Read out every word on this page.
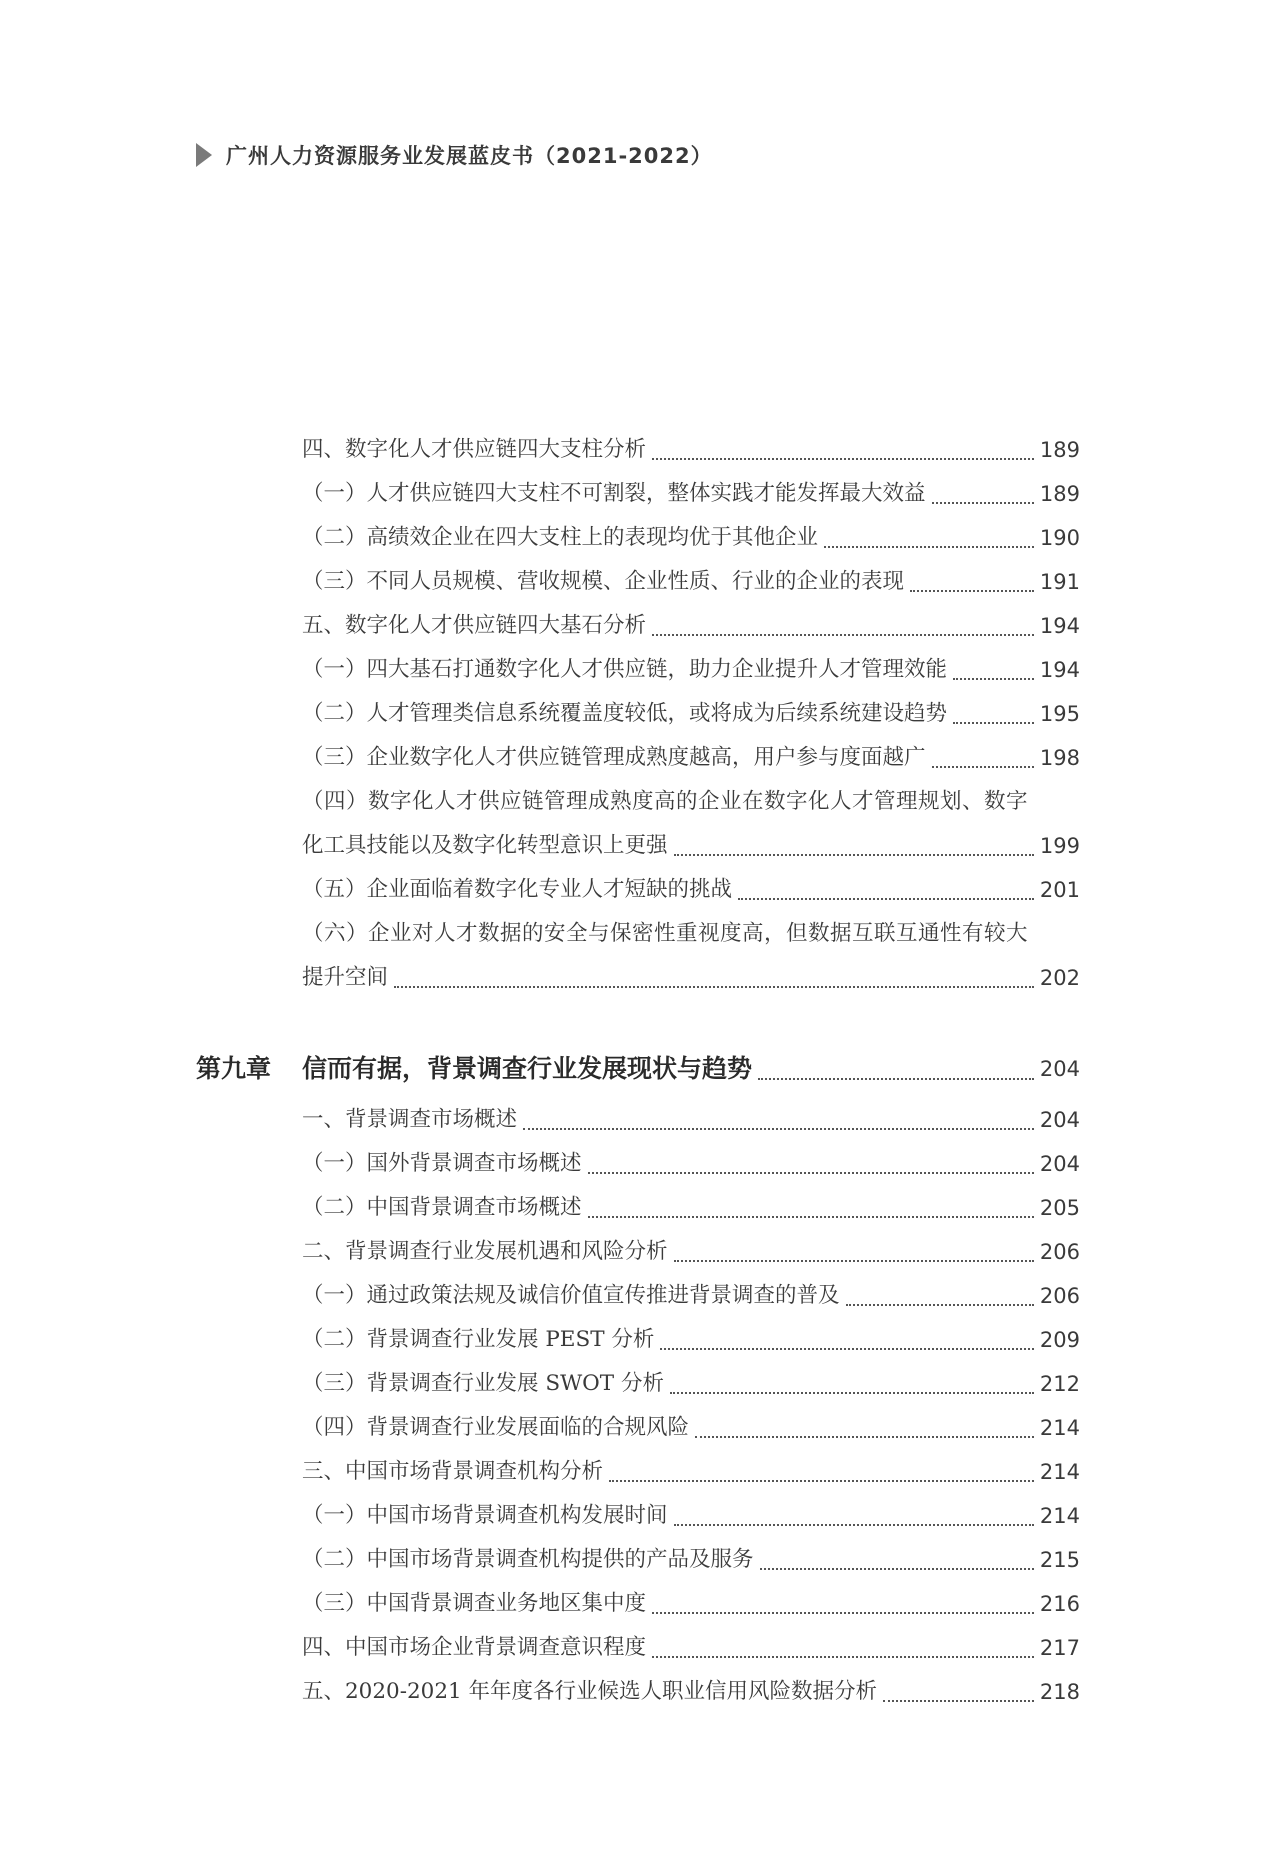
广州人力资源服务业发展蓝皮书（2021-2022）
四、数字化人才供应链四大支柱分析	189
（一）人才供应链四大支柱不可割裂，整体实践才能发挥最大效益	189
（二）高绩效企业在四大支柱上的表现均优于其他企业	190
（三）不同人员规模、营收规模、企业性质、行业的企业的表现	191
五、数字化人才供应链四大基石分析	194
（一）四大基石打通数字化人才供应链，助力企业提升人才管理效能	194
（二）人才管理类信息系统覆盖度较低，或将成为后续系统建设趋势	195
（三）企业数字化人才供应链管理成熟度越高，用户参与度面越广	198
（四）数字化人才供应链管理成熟度高的企业在数字化人才管理规划、数字
化工具技能以及数字化转型意识上更强	199
（五）企业面临着数字化专业人才短缺的挑战	201
（六）企业对人才数据的安全与保密性重视度高，但数据互联互通性有较大
提升空间	202
第九章	信而有据，背景调查行业发展现状与趋势	204
一、背景调查市场概述	204
（一）国外背景调查市场概述	204
（二）中国背景调查市场概述	205
二、背景调查行业发展机遇和风险分析	206
（一）通过政策法规及诚信价值宣传推进背景调查的普及	206
（二）背景调查行业发展 PEST 分析	209
（三）背景调查行业发展 SWOT 分析	212
（四）背景调查行业发展面临的合规风险	214
三、中国市场背景调查机构分析	214
（一）中国市场背景调查机构发展时间	214
（二）中国市场背景调查机构提供的产品及服务	215
（三）中国背景调查业务地区集中度	216
四、中国市场企业背景调查意识程度	217
五、2020-2021 年年度各行业候选人职业信用风险数据分析	218
